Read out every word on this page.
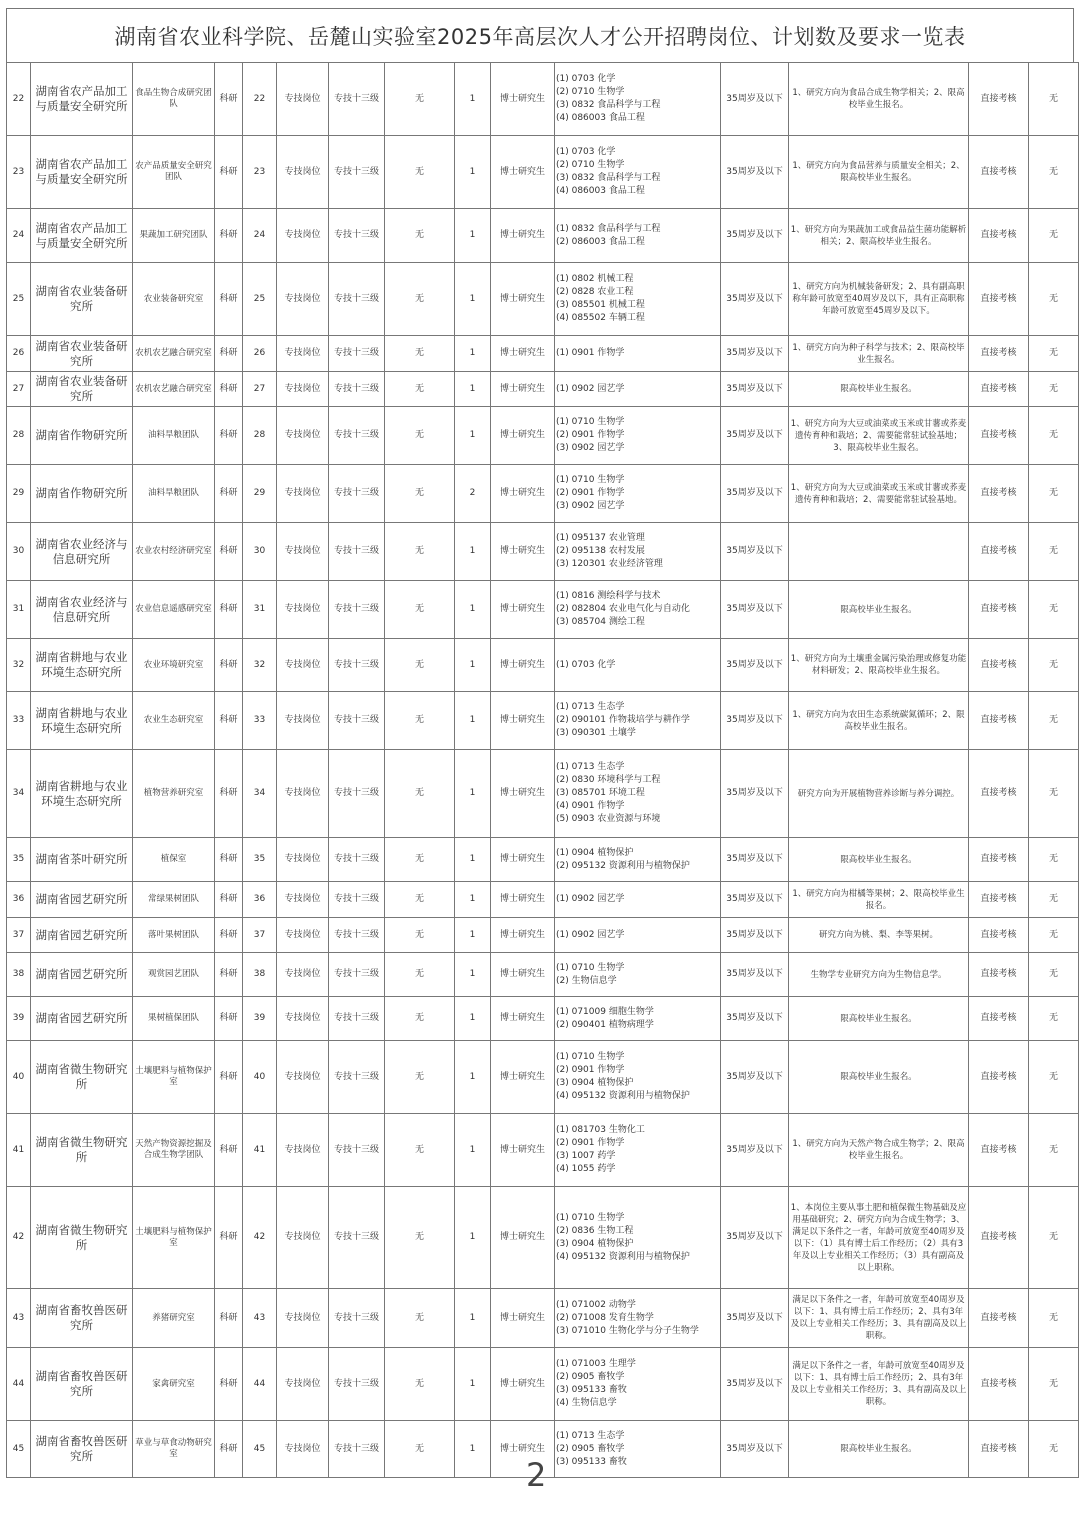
湖南省农业科学院、岳麓山实验室2025年高层次人才公开招聘岗位、计划数及要求一览表
22	湖南省农产品加工与质量安全研究所	食品生物合成研究团队	科研	22	专技岗位	专技十三级	无	1	博士研究生	(1) 0703 化学
(2) 0710 生物学
(3) 0832 食品科学与工程
(4) 086003 食品工程	35周岁及以下	1、研究方向为食品合成生物学相关；2、限高校毕业生报名。	直接考核	无
23	湖南省农产品加工与质量安全研究所	农产品质量安全研究团队	科研	23	专技岗位	专技十三级	无	1	博士研究生	(1) 0703 化学
(2) 0710 生物学
(3) 0832 食品科学与工程
(4) 086003 食品工程	35周岁及以下	1、研究方向为食品营养与质量安全相关；2、限高校毕业生报名。	直接考核	无
24	湖南省农产品加工与质量安全研究所	果蔬加工研究团队	科研	24	专技岗位	专技十三级	无	1	博士研究生	(1) 0832 食品科学与工程
(2) 086003 食品工程	35周岁及以下	1、研究方向为果蔬加工或食品益生菌功能解析相关；2、限高校毕业生报名。	直接考核	无
25	湖南省农业装备研究所	农业装备研究室	科研	25	专技岗位	专技十三级	无	1	博士研究生	(1) 0802 机械工程
(2) 0828 农业工程
(3) 085501 机械工程
(4) 085502 车辆工程	35周岁及以下	1、研究方向为机械装备研发；2、具有副高职称年龄可放宽至40周岁及以下，具有正高职称年龄可放宽至45周岁及以下。	直接考核	无
26	湖南省农业装备研究所	农机农艺融合研究室	科研	26	专技岗位	专技十三级	无	1	博士研究生	(1) 0901 作物学	35周岁及以下	1、研究方向为种子科学与技术；2、限高校毕业生报名。	直接考核	无
27	湖南省农业装备研究所	农机农艺融合研究室	科研	27	专技岗位	专技十三级	无	1	博士研究生	(1) 0902 园艺学	35周岁及以下	限高校毕业生报名。	直接考核	无
28	湖南省作物研究所	油料旱粮团队	科研	28	专技岗位	专技十三级	无	1	博士研究生	(1) 0710 生物学
(2) 0901 作物学
(3) 0902 园艺学	35周岁及以下	1、研究方向为大豆或油菜或玉米或甘薯或荞麦遗传育种和栽培；2、需要能常驻试验基地；3、限高校毕业生报名。	直接考核	无
29	湖南省作物研究所	油料旱粮团队	科研	29	专技岗位	专技十三级	无	2	博士研究生	(1) 0710 生物学
(2) 0901 作物学
(3) 0902 园艺学	35周岁及以下	1、研究方向为大豆或油菜或玉米或甘薯或荞麦遗传育种和栽培；2、需要能常驻试验基地。	直接考核	无
30	湖南省农业经济与信息研究所	农业农村经济研究室	科研	30	专技岗位	专技十三级	无	1	博士研究生	(1) 095137 农业管理
(2) 095138 农村发展
(3) 120301 农业经济管理	35周岁及以下		直接考核	无
31	湖南省农业经济与信息研究所	农业信息遥感研究室	科研	31	专技岗位	专技十三级	无	1	博士研究生	(1) 0816 测绘科学与技术
(2) 082804 农业电气化与自动化
(3) 085704 测绘工程	35周岁及以下	限高校毕业生报名。	直接考核	无
32	湖南省耕地与农业环境生态研究所	农业环境研究室	科研	32	专技岗位	专技十三级	无	1	博士研究生	(1) 0703 化学	35周岁及以下	1、研究方向为土壤重金属污染治理或修复功能材料研发；2、限高校毕业生报名。	直接考核	无
33	湖南省耕地与农业环境生态研究所	农业生态研究室	科研	33	专技岗位	专技十三级	无	1	博士研究生	(1) 0713 生态学
(2) 090101 作物栽培学与耕作学
(3) 090301 土壤学	35周岁及以下	1、研究方向为农田生态系统碳氮循环；2、限高校毕业生报名。	直接考核	无
34	湖南省耕地与农业环境生态研究所	植物营养研究室	科研	34	专技岗位	专技十三级	无	1	博士研究生	(1) 0713 生态学
(2) 0830 环境科学与工程
(3) 085701 环境工程
(4) 0901 作物学
(5) 0903 农业资源与环境	35周岁及以下	研究方向为开展植物营养诊断与养分调控。	直接考核	无
35	湖南省茶叶研究所	植保室	科研	35	专技岗位	专技十三级	无	1	博士研究生	(1) 0904 植物保护
(2) 095132 资源利用与植物保护	35周岁及以下	限高校毕业生报名。	直接考核	无
36	湖南省园艺研究所	常绿果树团队	科研	36	专技岗位	专技十三级	无	1	博士研究生	(1) 0902 园艺学	35周岁及以下	1、研究方向为柑橘等果树；2、限高校毕业生报名。	直接考核	无
37	湖南省园艺研究所	落叶果树团队	科研	37	专技岗位	专技十三级	无	1	博士研究生	(1) 0902 园艺学	35周岁及以下	研究方向为桃、梨、李等果树。	直接考核	无
38	湖南省园艺研究所	观赏园艺团队	科研	38	专技岗位	专技十三级	无	1	博士研究生	(1) 0710 生物学
(2) 生物信息学	35周岁及以下	生物学专业研究方向为生物信息学。	直接考核	无
39	湖南省园艺研究所	果树植保团队	科研	39	专技岗位	专技十三级	无	1	博士研究生	(1) 071009 细胞生物学
(2) 090401 植物病理学	35周岁及以下	限高校毕业生报名。	直接考核	无
40	湖南省微生物研究所	土壤肥料与植物保护室	科研	40	专技岗位	专技十三级	无	1	博士研究生	(1) 0710 生物学
(2) 0901 作物学
(3) 0904 植物保护
(4) 095132 资源利用与植物保护	35周岁及以下	限高校毕业生报名。	直接考核	无
41	湖南省微生物研究所	天然产物资源挖掘及合成生物学团队	科研	41	专技岗位	专技十三级	无	1	博士研究生	(1) 081703 生物化工
(2) 0901 作物学
(3) 1007 药学
(4) 1055 药学	35周岁及以下	1、研究方向为天然产物合成生物学；2、限高校毕业生报名。	直接考核	无
42	湖南省微生物研究所	土壤肥料与植物保护室	科研	42	专技岗位	专技十三级	无	1	博士研究生	(1) 0710 生物学
(2) 0836 生物工程
(3) 0904 植物保护
(4) 095132 资源利用与植物保护	35周岁及以下	1、本岗位主要从事土肥和植保微生物基础及应用基础研究；2、研究方向为合成生物学；3、满足以下条件之一者，年龄可放宽至40周岁及以下：（1）具有博士后工作经历；（2）具有3年及以上专业相关工作经历；（3）具有副高及以上职称。	直接考核	无
43	湖南省畜牧兽医研究所	养猪研究室	科研	43	专技岗位	专技十三级	无	1	博士研究生	(1) 071002 动物学
(2) 071008 发育生物学
(3) 071010 生物化学与分子生物学	35周岁及以下	满足以下条件之一者，年龄可放宽至40周岁及以下：1、具有博士后工作经历；2、具有3年及以上专业相关工作经历；3、具有副高及以上职称。	直接考核	无
44	湖南省畜牧兽医研究所	家禽研究室	科研	44	专技岗位	专技十三级	无	1	博士研究生	(1) 071003 生理学
(2) 0905 畜牧学
(3) 095133 畜牧
(4) 生物信息学	35周岁及以下	满足以下条件之一者，年龄可放宽至40周岁及以下：1、具有博士后工作经历；2、具有3年及以上专业相关工作经历；3、具有副高及以上职称。	直接考核	无
45	湖南省畜牧兽医研究所	草业与草食动物研究室	科研	45	专技岗位	专技十三级	无	1	博士研究生	(1) 0713 生态学
(2) 0905 畜牧学
(3) 095133 畜牧	35周岁及以下	限高校毕业生报名。	直接考核	无
2
